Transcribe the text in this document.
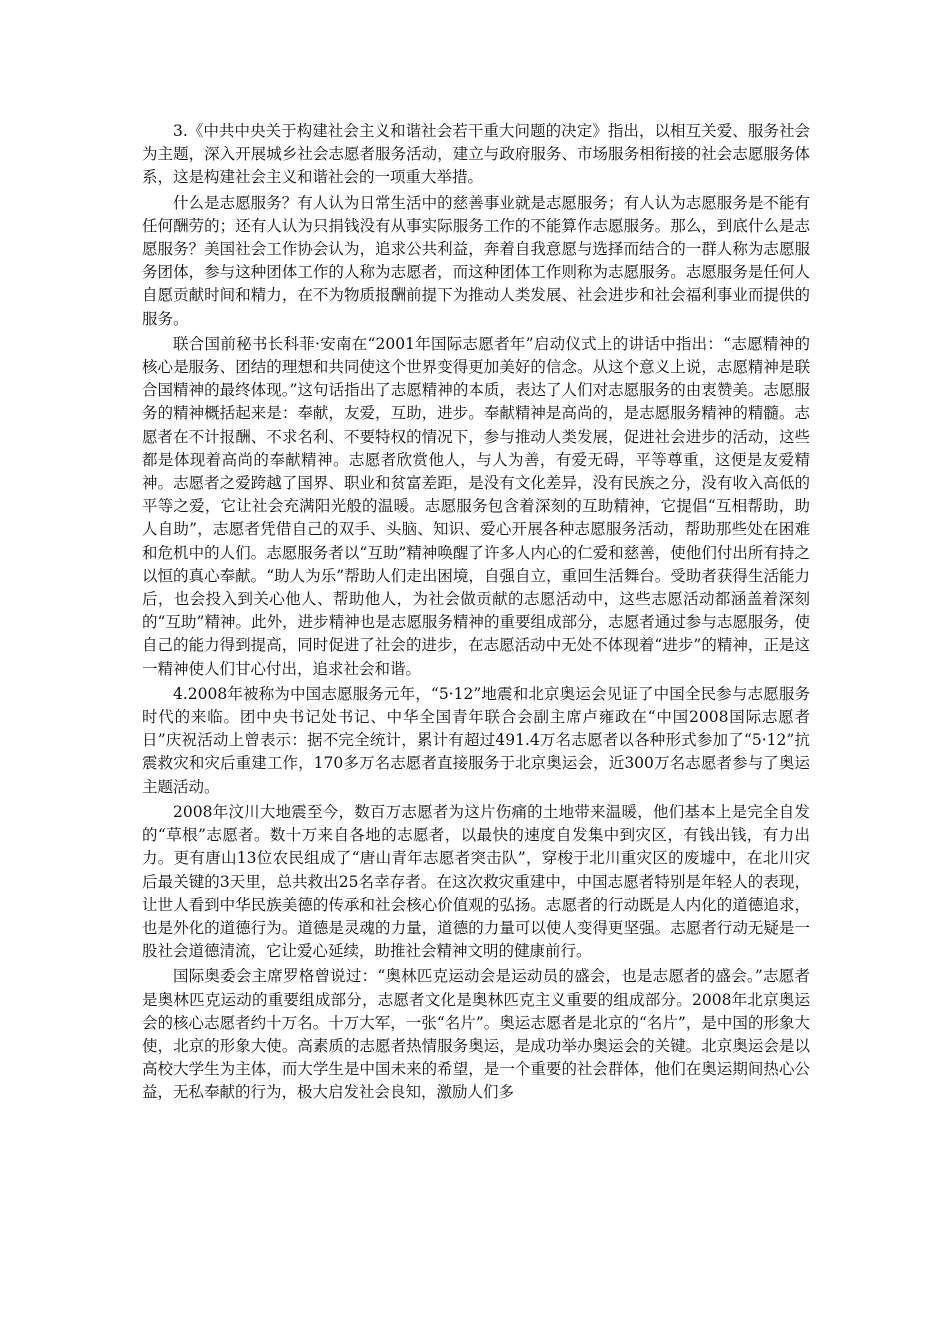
3.《中共中央关于构建社会主义和谐社会若干重大问题的决定》指出，以相互关爱、服务社会为主题，深入开展城乡社会志愿者服务活动，建立与政府服务、市场服务相衔接的社会志愿服务体系，这是构建社会主义和谐社会的一项重大举措。

什么是志愿服务？有人认为日常生活中的慈善事业就是志愿服务；有人认为志愿服务是不能有任何酬劳的；还有人认为只捐钱没有从事实际服务工作的不能算作志愿服务。那么，到底什么是志愿服务？美国社会工作协会认为，追求公共利益，奔着自我意愿与选择而结合的一群人称为志愿服务团体，参与这种团体工作的人称为志愿者，而这种团体工作则称为志愿服务。志愿服务是任何人自愿贡献时间和精力，在不为物质报酬前提下为推动人类发展、社会进步和社会福利事业而提供的服务。

联合国前秘书长科菲·安南在“2001年国际志愿者年”启动仪式上的讲话中指出：“志愿精神的核心是服务、团结的理想和共同使这个世界变得更加美好的信念。从这个意义上说，志愿精神是联合国精神的最终体现。”这句话指出了志愿精神的本质，表达了人们对志愿服务的由衷赞美。志愿服务的精神概括起来是：奉献，友爱，互助，进步。奉献精神是高尚的，是志愿服务精神的精髓。志愿者在不计报酬、不求名利、不要特权的情况下，参与推动人类发展，促进社会进步的活动，这些都是体现着高尚的奉献精神。志愿者欣赏他人，与人为善，有爱无碍，平等尊重，这便是友爱精神。志愿者之爱跨越了国界、职业和贫富差距，是没有文化差异，没有民族之分，没有收入高低的平等之爱，它让社会充满阳光般的温暖。志愿服务包含着深刻的互助精神，它提倡“互相帮助，助人自助”，志愿者凭借自己的双手、头脑、知识、爱心开展各种志愿服务活动，帮助那些处在困难和危机中的人们。志愿服务者以“互助”精神唤醒了许多人内心的仁爱和慈善，使他们付出所有持之以恒的真心奉献。“助人为乐”帮助人们走出困境，自强自立，重回生活舞台。受助者获得生活能力后，也会投入到关心他人、帮助他人，为社会做贡献的志愿活动中，这些志愿活动都涵盖着深刻的“互助”精神。此外，进步精神也是志愿服务精神的重要组成部分，志愿者通过参与志愿服务，使自己的能力得到提高，同时促进了社会的进步，在志愿活动中无处不体现着“进步”的精神，正是这一精神使人们甘心付出，追求社会和谐。

4.2008年被称为中国志愿服务元年，“5·12”地震和北京奥运会见证了中国全民参与志愿服务时代的来临。团中央书记处书记、中华全国青年联合会副主席卢雍政在“中国2008国际志愿者日”庆祝活动上曾表示：据不完全统计，累计有超过491.4万名志愿者以各种形式参加了“5·12”抗震救灾和灾后重建工作，170多万名志愿者直接服务于北京奥运会，近300万名志愿者参与了奥运主题活动。

2008年汶川大地震至今，数百万志愿者为这片伤痛的土地带来温暖，他们基本上是完全自发的“草根”志愿者。数十万来自各地的志愿者，以最快的速度自发集中到灾区，有钱出钱，有力出力。更有唐山13位农民组成了“唐山青年志愿者突击队”，穿梭于北川重灾区的废墟中，在北川灾后最关键的3天里，总共救出25名幸存者。在这次救灾重建中，中国志愿者特别是年轻人的表现，让世人看到中华民族美德的传承和社会核心价值观的弘扬。志愿者的行动既是人内化的道德追求，也是外化的道德行为。道德是灵魂的力量，道德的力量可以使人变得更坚强。志愿者行动无疑是一股社会道德清流，它让爱心延续，助推社会精神文明的健康前行。

国际奥委会主席罗格曾说过：“奥林匹克运动会是运动员的盛会，也是志愿者的盛会。”志愿者是奥林匹克运动的重要组成部分，志愿者文化是奥林匹克主义重要的组成部分。2008年北京奥运会的核心志愿者约十万名。十万大军，一张“名片”。奥运志愿者是北京的“名片”，是中国的形象大使，北京的形象大使。高素质的志愿者热情服务奥运，是成功举办奥运会的关键。北京奥运会是以高校大学生为主体，而大学生是中国未来的希望，是一个重要的社会群体，他们在奥运期间热心公益，无私奉献的行为，极大启发社会良知，激励人们多
